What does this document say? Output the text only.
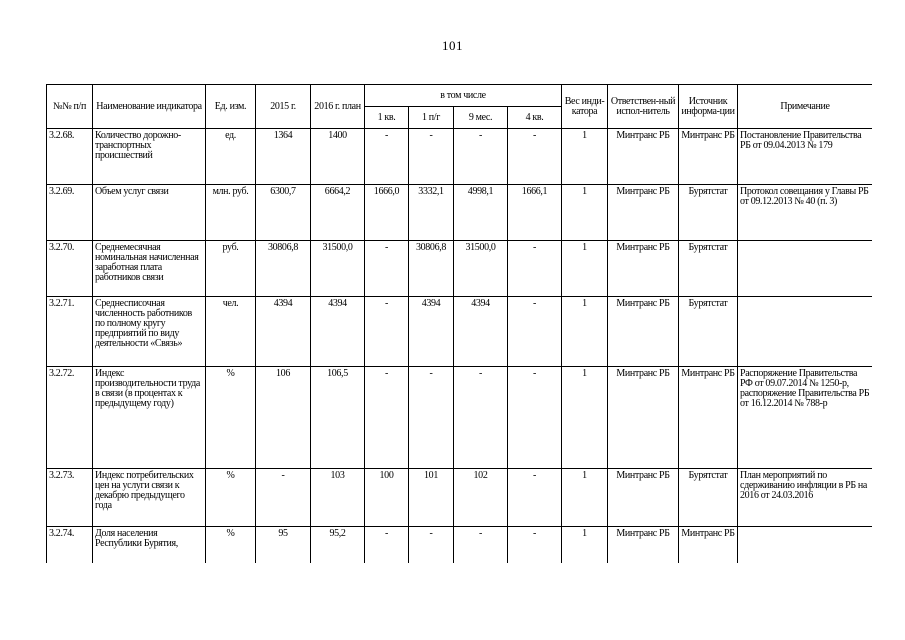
101
№№ п/п	Наименование индикатора	Ед. изм.	2015 г.	2016 г. план	в том числе				Вес инди-катора	Ответствен-ный испол-нитель	Источник информа-ции	Примечание
					1 кв.	1 п/г	9 мес.	4 кв.				
3.2.68.	Количество дорожно-транспортных происшествий	ед.	1364	1400	-	-	-	-	1	Минтранс РБ	Минтранс РБ	Постановление Правительства РБ от 09.04.2013 № 179
3.2.69.	Объем услуг связи	млн. руб.	6300,7	6664,2	1666,0	3332,1	4998,1	1666,1	1	Минтранс РБ	Бурятстат	Протокол совещания у Главы РБ от 09.12.2013 № 40 (п. 3)
3.2.70.	Среднемесячная номинальная начисленная заработная плата работников связи	руб.	30806,8	31500,0	-	30806,8	31500,0	-	1	Минтранс РБ	Бурятстат	
3.2.71.	Среднесписочная численность работников по полному кругу предприятий по виду деятельности «Связь»	чел.	4394	4394	-	4394	4394	-	1	Минтранс РБ	Бурятстат	
3.2.72.	Индекс производительности труда в связи (в процентах к предыдущему году)	%	106	106,5	-	-	-	-	1	Минтранс РБ	Минтранс РБ	Распоряжение Правительства РФ от 09.07.2014 № 1250-р, распоряжение Правительства РБ от 16.12.2014 № 788-р
3.2.73.	Индекс потребительских цен на услуги связи к декабрю предыдущего года	%	-	103	100	101	102	-	1	Минтранс РБ	Бурятстат	План мероприятий по сдерживанию инфляции в РБ на 2016 от 24.03.2016
3.2.74.	Доля населения Республики Бурятия,	%	95	95,2	-	-	-	-	1	Минтранс РБ	Минтранс РБ	
